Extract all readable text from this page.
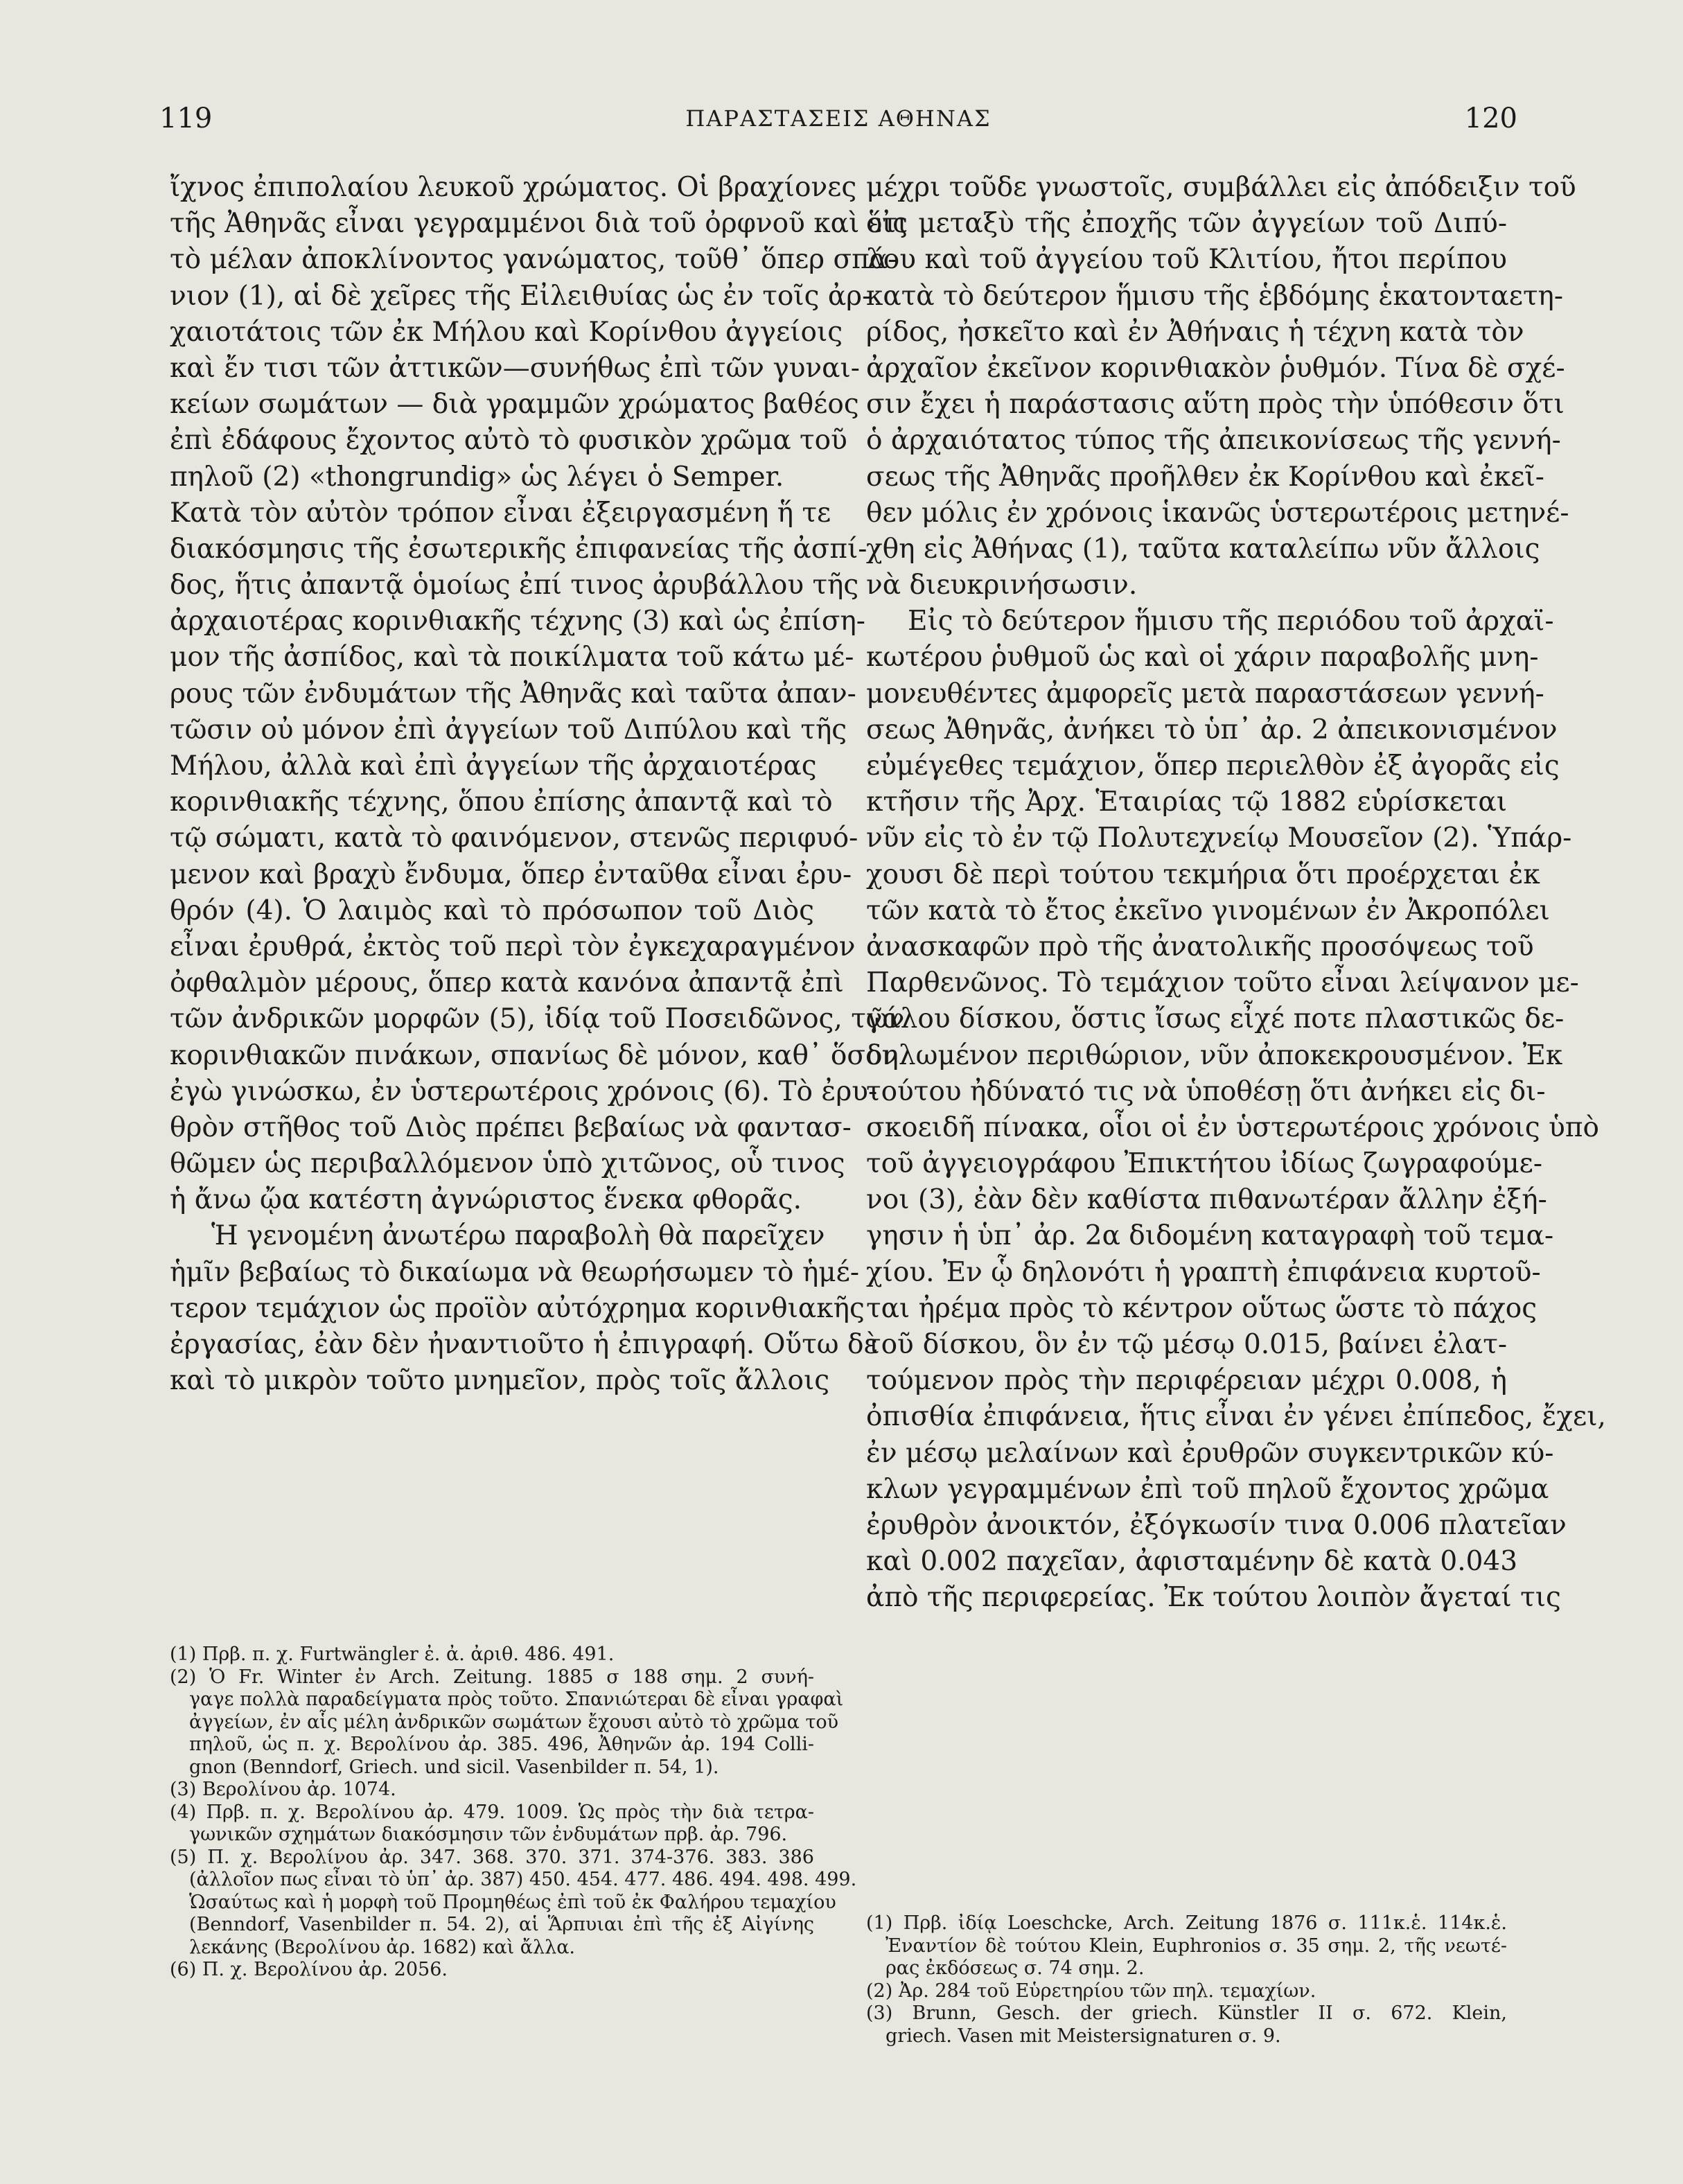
119	ΠΑΡΑΣΤΑΣΕΙΣ ΑΘΗΝΑΣ	120
ἴχνος ἐπιπολαίου λευκοῦ χρώματος. Οἱ βραχίονες
τῆς Ἀθηνᾶς εἶναι γεγραμμένοι διὰ τοῦ ὀρφνοῦ καὶ εἰς
τὸ μέλαν ἀποκλίνοντος γανώματος, τοῦθ᾽ ὅπερ σπά-
νιον (1), αἱ δὲ χεῖρες τῆς Εἰλειθυίας ὡς ἐν τοῖς ἀρ-
χαιοτάτοις τῶν ἐκ Μήλου καὶ Κορίνθου ἀγγείοις
καὶ ἔν τισι τῶν ἀττικῶν—συνήθως ἐπὶ τῶν γυναι-
κείων σωμάτων — διὰ γραμμῶν χρώματος βαθέος
ἐπὶ ἐδάφους ἔχοντος αὐτὸ τὸ φυσικὸν χρῶμα τοῦ
πηλοῦ (2) «thongrundig» ὡς λέγει ὁ Semper.
Κατὰ τὸν αὐτὸν τρόπον εἶναι ἐξειργασμένη ἥ τε
διακόσμησις τῆς ἐσωτερικῆς ἐπιφανείας τῆς ἀσπί-
δος, ἥτις ἀπαντᾷ ὁμοίως ἐπί τινος ἀρυβάλλου τῆς
ἀρχαιοτέρας κορινθιακῆς τέχνης (3) καὶ ὡς ἐπίση-
μον τῆς ἀσπίδος, καὶ τὰ ποικίλματα τοῦ κάτω μέ-
ρους τῶν ἐνδυμάτων τῆς Ἀθηνᾶς καὶ ταῦτα ἀπαν-
τῶσιν οὐ μόνον ἐπὶ ἀγγείων τοῦ Διπύλου καὶ τῆς
Μήλου, ἀλλὰ καὶ ἐπὶ ἀγγείων τῆς ἀρχαιοτέρας
κορινθιακῆς τέχνης, ὅπου ἐπίσης ἀπαντᾷ καὶ τὸ
τῷ σώματι, κατὰ τὸ φαινόμενον, στενῶς περιφυό-
μενον καὶ βραχὺ ἔνδυμα, ὅπερ ἐνταῦθα εἶναι ἐρυ-
θρόν (4). Ὁ λαιμὸς καὶ τὸ πρόσωπον τοῦ Διὸς
εἶναι ἐρυθρά, ἐκτὸς τοῦ περὶ τὸν ἐγκεχαραγμένον
ὀφθαλμὸν μέρους, ὅπερ κατὰ κανόνα ἀπαντᾷ ἐπὶ
τῶν ἀνδρικῶν μορφῶν (5), ἰδίᾳ τοῦ Ποσειδῶνος, τῶν
κορινθιακῶν πινάκων, σπανίως δὲ μόνον, καθ᾽ ὅσον
ἐγὼ γινώσκω, ἐν ὑστερωτέροις χρόνοις (6). Τὸ ἐρυ-
θρὸν στῆθος τοῦ Διὸς πρέπει βεβαίως νὰ φαντασ-
θῶμεν ὡς περιβαλλόμενον ὑπὸ χιτῶνος, οὗ τινος
ἡ ἄνω ᾤα κατέστη ἀγνώριστος ἕνεκα φθορᾶς.
Ἡ γενομένη ἀνωτέρω παραβολὴ θὰ παρεῖχεν
ἡμῖν βεβαίως τὸ δικαίωμα νὰ θεωρήσωμεν τὸ ἡμέ-
τερον τεμάχιον ὡς προϊὸν αὐτόχρημα κορινθιακῆς
ἐργασίας, ἐὰν δὲν ἠναντιοῦτο ἡ ἐπιγραφή. Οὕτω δὲ
καὶ τὸ μικρὸν τοῦτο μνημεῖον, πρὸς τοῖς ἄλλοις
μέχρι τοῦδε γνωστοῖς, συμβάλλει εἰς ἀπόδειξιν τοῦ
ὅτι μεταξὺ τῆς ἐποχῆς τῶν ἀγγείων τοῦ Διπύ-
λου καὶ τοῦ ἀγγείου τοῦ Κλιτίου, ἤτοι περίπου
κατὰ τὸ δεύτερον ἥμισυ τῆς ἑβδόμης ἑκατονταετη-
ρίδος, ἠσκεῖτο καὶ ἐν Ἀθήναις ἡ τέχνη κατὰ τὸν
ἀρχαῖον ἐκεῖνον κορινθιακὸν ῥυθμόν. Τίνα δὲ σχέ-
σιν ἔχει ἡ παράστασις αὕτη πρὸς τὴν ὑπόθεσιν ὅτι
ὁ ἀρχαιότατος τύπος τῆς ἀπεικονίσεως τῆς γεννή-
σεως τῆς Ἀθηνᾶς προῆλθεν ἐκ Κορίνθου καὶ ἐκεῖ-
θεν μόλις ἐν χρόνοις ἱκανῶς ὑστερωτέροις μετηνέ-
χθη εἰς Ἀθήνας (1), ταῦτα καταλείπω νῦν ἄλλοις
νὰ διευκρινήσωσιν.
Εἰς τὸ δεύτερον ἥμισυ τῆς περιόδου τοῦ ἀρχαϊ-
κωτέρου ῥυθμοῦ ὡς καὶ οἱ χάριν παραβολῆς μνη-
μονευθέντες ἀμφορεῖς μετὰ παραστάσεων γεννή-
σεως Ἀθηνᾶς, ἀνήκει τὸ ὑπ᾽ ἀρ. 2 ἀπεικονισμένον
εὐμέγεθες τεμάχιον, ὅπερ περιελθὸν ἐξ ἀγορᾶς εἰς
κτῆσιν τῆς Ἀρχ. Ἑταιρίας τῷ 1882 εὑρίσκεται
νῦν εἰς τὸ ἐν τῷ Πολυτεχνείῳ Μουσεῖον (2). Ὑπάρ-
χουσι δὲ περὶ τούτου τεκμήρια ὅτι προέρχεται ἐκ
τῶν κατὰ τὸ ἔτος ἐκεῖνο γινομένων ἐν Ἀκροπόλει
ἀνασκαφῶν πρὸ τῆς ἀνατολικῆς προσόψεως τοῦ
Παρθενῶνος. Τὸ τεμάχιον τοῦτο εἶναι λείψανον με-
γάλου δίσκου, ὅστις ἴσως εἶχέ ποτε πλαστικῶς δε-
δηλωμένον περιθώριον, νῦν ἀποκεκρουσμένον. Ἐκ
τούτου ἠδύνατό τις νὰ ὑποθέσῃ ὅτι ἀνήκει εἰς δι-
σκοειδῆ πίνακα, οἷοι οἱ ἐν ὑστερωτέροις χρόνοις ὑπὸ
τοῦ ἀγγειογράφου Ἐπικτήτου ἰδίως ζωγραφούμε-
νοι (3), ἐὰν δὲν καθίστα πιθανωτέραν ἄλλην ἐξή-
γησιν ἡ ὑπ᾽ ἀρ. 2α διδομένη καταγραφὴ τοῦ τεμα-
χίου. Ἐν ᾧ δηλονότι ἡ γραπτὴ ἐπιφάνεια κυρτοῦ-
ται ἠρέμα πρὸς τὸ κέντρον οὕτως ὥστε τὸ πάχος
τοῦ δίσκου, ὃν ἐν τῷ μέσῳ 0.015, βαίνει ἐλατ-
τούμενον πρὸς τὴν περιφέρειαν μέχρι 0.008, ἡ
ὀπισθία ἐπιφάνεια, ἥτις εἶναι ἐν γένει ἐπίπεδος, ἔχει,
ἐν μέσῳ μελαίνων καὶ ἐρυθρῶν συγκεντρικῶν κύ-
κλων γεγραμμένων ἐπὶ τοῦ πηλοῦ ἔχοντος χρῶμα
ἐρυθρὸν ἀνοικτόν, ἐξόγκωσίν τινα 0.006 πλατεῖαν
καὶ 0.002 παχεῖαν, ἀφισταμένην δὲ κατὰ 0.043
ἀπὸ τῆς περιφερείας. Ἐκ τούτου λοιπὸν ἄγεταί τις
(1) Πρβ. π. χ. Furtwängler ἐ. ἀ. ἀριθ. 486. 491.
(2) Ὁ Fr. Winter ἐν Arch. Zeitung. 1885 σ 188 σημ. 2 συνή-
γαγε πολλὰ παραδείγματα πρὸς τοῦτο. Σπανιώτεραι δὲ εἶναι γραφαὶ
ἀγγείων, ἐν αἷς μέλη ἀνδρικῶν σωμάτων ἔχουσι αὐτὸ τὸ χρῶμα τοῦ
πηλοῦ, ὡς π. χ. Βερολίνου ἀρ. 385. 496, Ἀθηνῶν ἀρ. 194 Colli-
gnon (Benndorf, Griech. und sicil. Vasenbilder π. 54, 1).
(3) Βερολίνου ἀρ. 1074.
(4) Πρβ. π. χ. Βερολίνου ἀρ. 479. 1009. Ὡς πρὸς τὴν διὰ τετρα-
γωνικῶν σχημάτων διακόσμησιν τῶν ἐνδυμάτων πρβ. ἀρ. 796.
(5) Π. χ. Βερολίνου ἀρ. 347. 368. 370. 371. 374-376. 383. 386
(ἀλλοῖον πως εἶναι τὸ ὑπ᾽ ἀρ. 387) 450. 454. 477. 486. 494. 498. 499.
Ὡσαύτως καὶ ἡ μορφὴ τοῦ Προμηθέως ἐπὶ τοῦ ἐκ Φαλήρου τεμαχίου
(Benndorf, Vasenbilder π. 54. 2), αἱ Ἅρπυιαι ἐπὶ τῆς ἐξ Αἰγίνης
λεκάνης (Βερολίνου ἀρ. 1682) καὶ ἄλλα.
(6) Π. χ. Βερολίνου ἀρ. 2056.
(1) Πρβ. ἰδίᾳ Loeschcke, Arch. Zeitung 1876 σ. 111κ.ἑ. 114κ.ἑ.
Ἐναντίον δὲ τούτου Klein, Euphronios σ. 35 σημ. 2, τῆς νεωτέ-
ρας ἐκδόσεως σ. 74 σημ. 2.
(2) Ἀρ. 284 τοῦ Εὑρετηρίου τῶν πηλ. τεμαχίων.
(3) Brunn, Gesch. der griech. Künstler II σ. 672. Klein,
griech. Vasen mit Meistersignaturen σ. 9.
